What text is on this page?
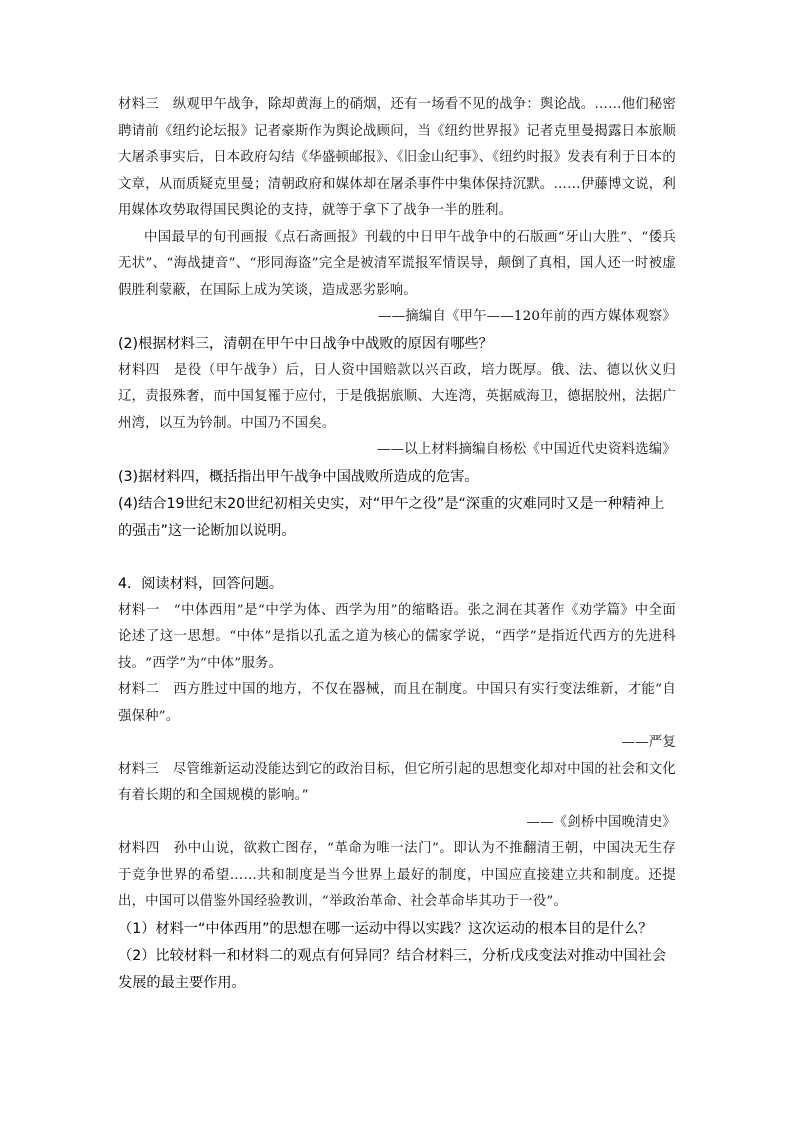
材料三 纵观甲午战争，除却黄海上的硝烟，还有一场看不见的战争：舆论战。……他们秘密聘请前《纽约论坛报》记者豪斯作为舆论战顾问，当《纽约世界报》记者克里曼揭露日本旅顺大屠杀事实后，日本政府勾结《华盛顿邮报》、《旧金山纪事》、《纽约时报》发表有利于日本的文章，从而质疑克里曼；清朝政府和媒体却在屠杀事件中集体保持沉默。……伊藤博文说，利用媒体攻势取得国民舆论的支持，就等于拿下了战争一半的胜利。

中国最早的旬刊画报《点石斋画报》刊载的中日甲午战争中的石版画“牙山大胜”、“倭兵无状”、“海战捷音”、“形同海盗”完全是被清军谎报军情误导，颠倒了真相，国人还一时被虚假胜利蒙蔽，在国际上成为笑谈，造成恶劣影响。

——摘编自《甲午——120年前的西方媒体观察》

(2)根据材料三，清朝在甲午中日战争中战败的原因有哪些？

材料四 是役（甲午战争）后，日人资中国赔款以兴百政，培力既厚。俄、法、德以伙义归辽，责报殊奢，而中国复罹于应付，于是俄据旅顺、大连湾，英据威海卫，德据胶州，法据广州湾，以互为钤制。中国乃不国矣。

——以上材料摘编自杨松《中国近代史资料选编》

(3)据材料四，概括指出甲午战争中国战败所造成的危害。

(4)结合19世纪末20世纪初相关史实，对“甲午之役”是“深重的灾难同时又是一种精神上的强击”这一论断加以说明。

4．阅读材料，回答问题。

材料一 “中体西用”是“中学为体、西学为用”的缩略语。张之洞在其著作《劝学篇》中全面论述了这一思想。“中体”是指以孔孟之道为核心的儒家学说，“西学”是指近代西方的先进科技。“西学”为“中体”服务。

材料二 西方胜过中国的地方，不仅在器械，而且在制度。中国只有实行变法维新，才能“自强保种”。

——严复

材料三 尽管维新运动没能达到它的政治目标，但它所引起的思想变化却对中国的社会和文化有着长期的和全国规模的影响。”

——《剑桥中国晚清史》

材料四 孙中山说，欲救亡图存，“革命为唯一法门”。即认为不推翻清王朝，中国决无生存于竞争世界的希望……共和制度是当今世界上最好的制度，中国应直接建立共和制度。还提出，中国可以借鉴外国经验教训，“举政治革命、社会革命毕其功于一役”。

（1）材料一“中体西用”的思想在哪一运动中得以实践？这次运动的根本目的是什么？

（2）比较材料一和材料二的观点有何异同？结合材料三，分析戊戌变法对推动中国社会发展的最主要作用。
